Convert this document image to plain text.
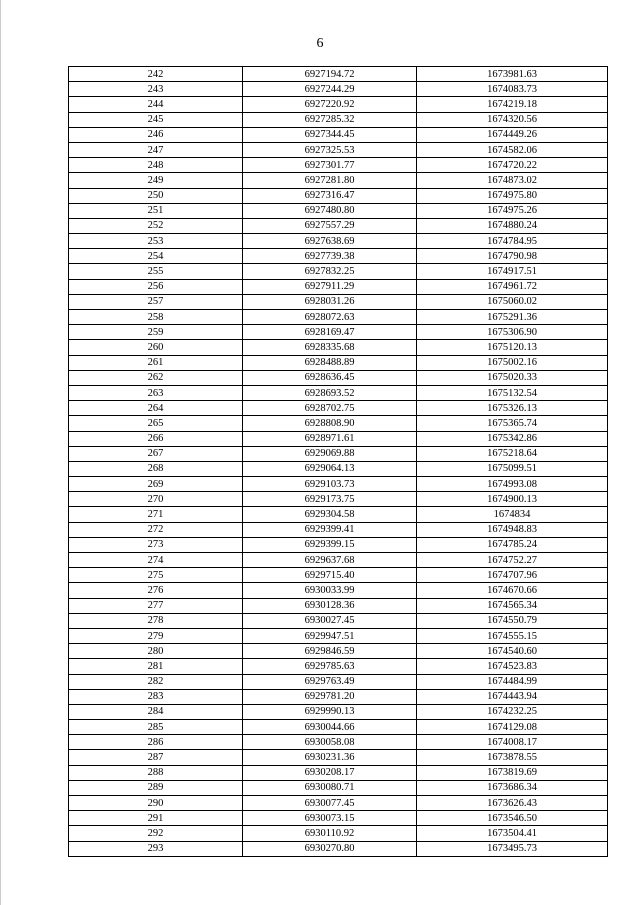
6
242	6927194.72	1673981.63
243	6927244.29	1674083.73
244	6927220.92	1674219.18
245	6927285.32	1674320.56
246	6927344.45	1674449.26
247	6927325.53	1674582.06
248	6927301.77	1674720.22
249	6927281.80	1674873.02
250	6927316.47	1674975.80
251	6927480.80	1674975.26
252	6927557.29	1674880.24
253	6927638.69	1674784.95
254	6927739.38	1674790.98
255	6927832.25	1674917.51
256	6927911.29	1674961.72
257	6928031.26	1675060.02
258	6928072.63	1675291.36
259	6928169.47	1675306.90
260	6928335.68	1675120.13
261	6928488.89	1675002.16
262	6928636.45	1675020.33
263	6928693.52	1675132.54
264	6928702.75	1675326.13
265	6928808.90	1675365.74
266	6928971.61	1675342.86
267	6929069.88	1675218.64
268	6929064.13	1675099.51
269	6929103.73	1674993.08
270	6929173.75	1674900.13
271	6929304.58	1674834
272	6929399.41	1674948.83
273	6929399.15	1674785.24
274	6929637.68	1674752.27
275	6929715.40	1674707.96
276	6930033.99	1674670.66
277	6930128.36	1674565.34
278	6930027.45	1674550.79
279	6929947.51	1674555.15
280	6929846.59	1674540.60
281	6929785.63	1674523.83
282	6929763.49	1674484.99
283	6929781.20	1674443.94
284	6929990.13	1674232.25
285	6930044.66	1674129.08
286	6930058.08	1674008.17
287	6930231.36	1673878.55
288	6930208.17	1673819.69
289	6930080.71	1673686.34
290	6930077.45	1673626.43
291	6930073.15	1673546.50
292	6930110.92	1673504.41
293	6930270.80	1673495.73
